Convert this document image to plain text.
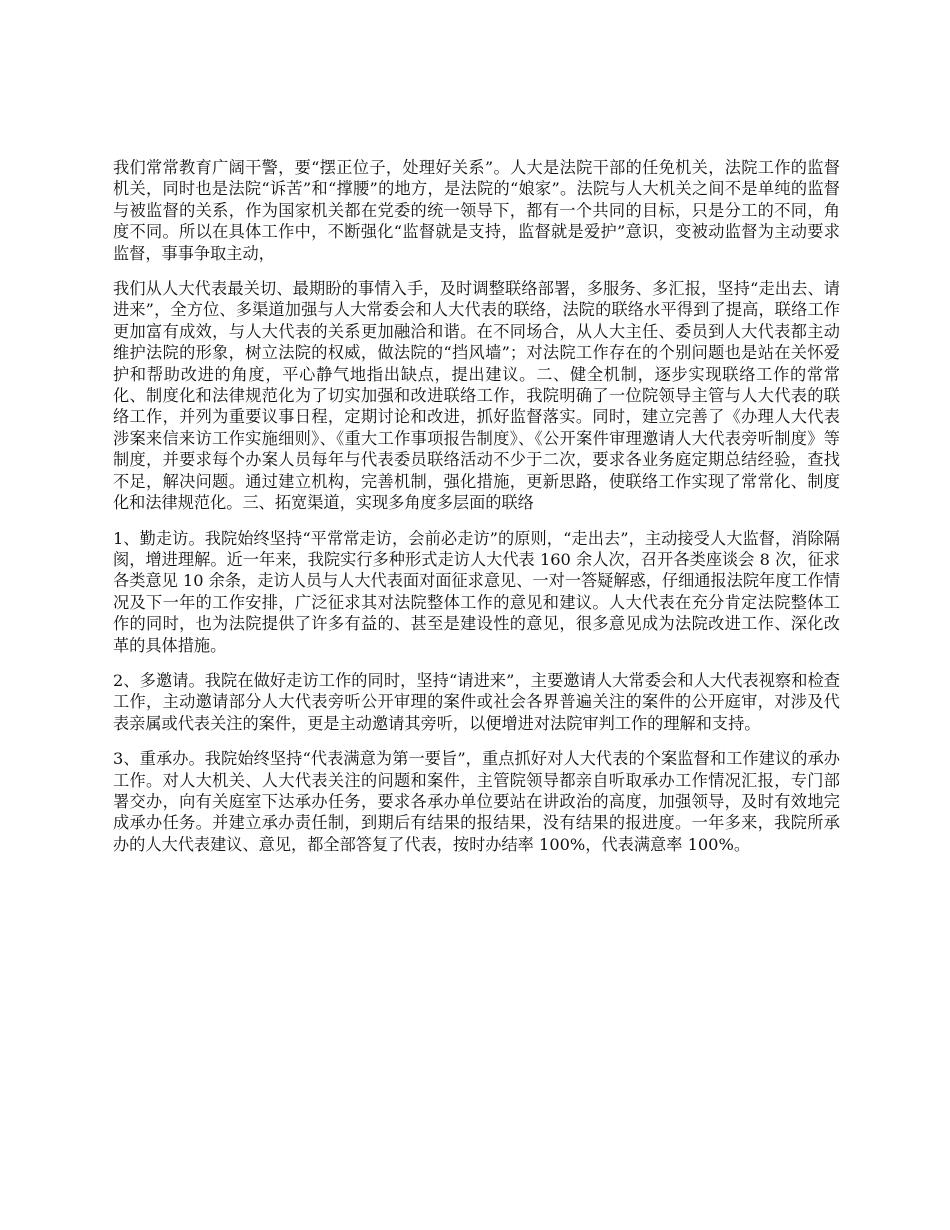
我们常常教育广阔干警，要“摆正位子，处理好关系”。人大是法院干部的任免机关，法院工作的监督机关，同时也是法院“诉苦”和“撑腰”的地方，是法院的“娘家”。法院与人大机关之间不是单纯的监督与被监督的关系，作为国家机关都在党委的统一领导下，都有一个共同的目标，只是分工的不同，角度不同。所以在具体工作中，不断强化“监督就是支持，监督就是爱护”意识，变被动监督为主动要求监督，事事争取主动，

我们从人大代表最关切、最期盼的事情入手，及时调整联络部署，多服务、多汇报，坚持“走出去、请进来”，全方位、多渠道加强与人大常委会和人大代表的联络，法院的联络水平得到了提高，联络工作更加富有成效，与人大代表的关系更加融洽和谐。在不同场合，从人大主任、委员到人大代表都主动维护法院的形象，树立法院的权威，做法院的“挡风墙”；对法院工作存在的个别问题也是站在关怀爱护和帮助改进的角度，平心静气地指出缺点，提出建议。二、健全机制，逐步实现联络工作的常常化、制度化和法律规范化为了切实加强和改进联络工作，我院明确了一位院领导主管与人大代表的联络工作，并列为重要议事日程，定期讨论和改进，抓好监督落实。同时，建立完善了《办理人大代表涉案来信来访工作实施细则》、《重大工作事项报告制度》、《公开案件审理邀请人大代表旁听制度》等制度，并要求每个办案人员每年与代表委员联络活动不少于二次，要求各业务庭定期总结经验，查找不足，解决问题。通过建立机构，完善机制，强化措施，更新思路，使联络工作实现了常常化、制度化和法律规范化。三、拓宽渠道，实现多角度多层面的联络

1、勤走访。我院始终坚持“平常常走访，会前必走访”的原则，“走出去”，主动接受人大监督，消除隔阂，增进理解。近一年来，我院实行多种形式走访人大代表 160 余人次，召开各类座谈会 8 次，征求各类意见 10 余条，走访人员与人大代表面对面征求意见、一对一答疑解惑，仔细通报法院年度工作情况及下一年的工作安排，广泛征求其对法院整体工作的意见和建议。人大代表在充分肯定法院整体工作的同时，也为法院提供了许多有益的、甚至是建设性的意见，很多意见成为法院改进工作、深化改革的具体措施。

2、多邀请。我院在做好走访工作的同时，坚持“请进来”，主要邀请人大常委会和人大代表视察和检查工作，主动邀请部分人大代表旁听公开审理的案件或社会各界普遍关注的案件的公开庭审，对涉及代表亲属或代表关注的案件，更是主动邀请其旁听，以便增进对法院审判工作的理解和支持。

3、重承办。我院始终坚持“代表满意为第一要旨”，重点抓好对人大代表的个案监督和工作建议的承办工作。对人大机关、人大代表关注的问题和案件，主管院领导都亲自听取承办工作情况汇报，专门部署交办，向有关庭室下达承办任务，要求各承办单位要站在讲政治的高度，加强领导，及时有效地完成承办任务。并建立承办责任制，到期后有结果的报结果，没有结果的报进度。一年多来，我院所承办的人大代表建议、意见，都全部答复了代表，按时办结率 100%，代表满意率 100%。
